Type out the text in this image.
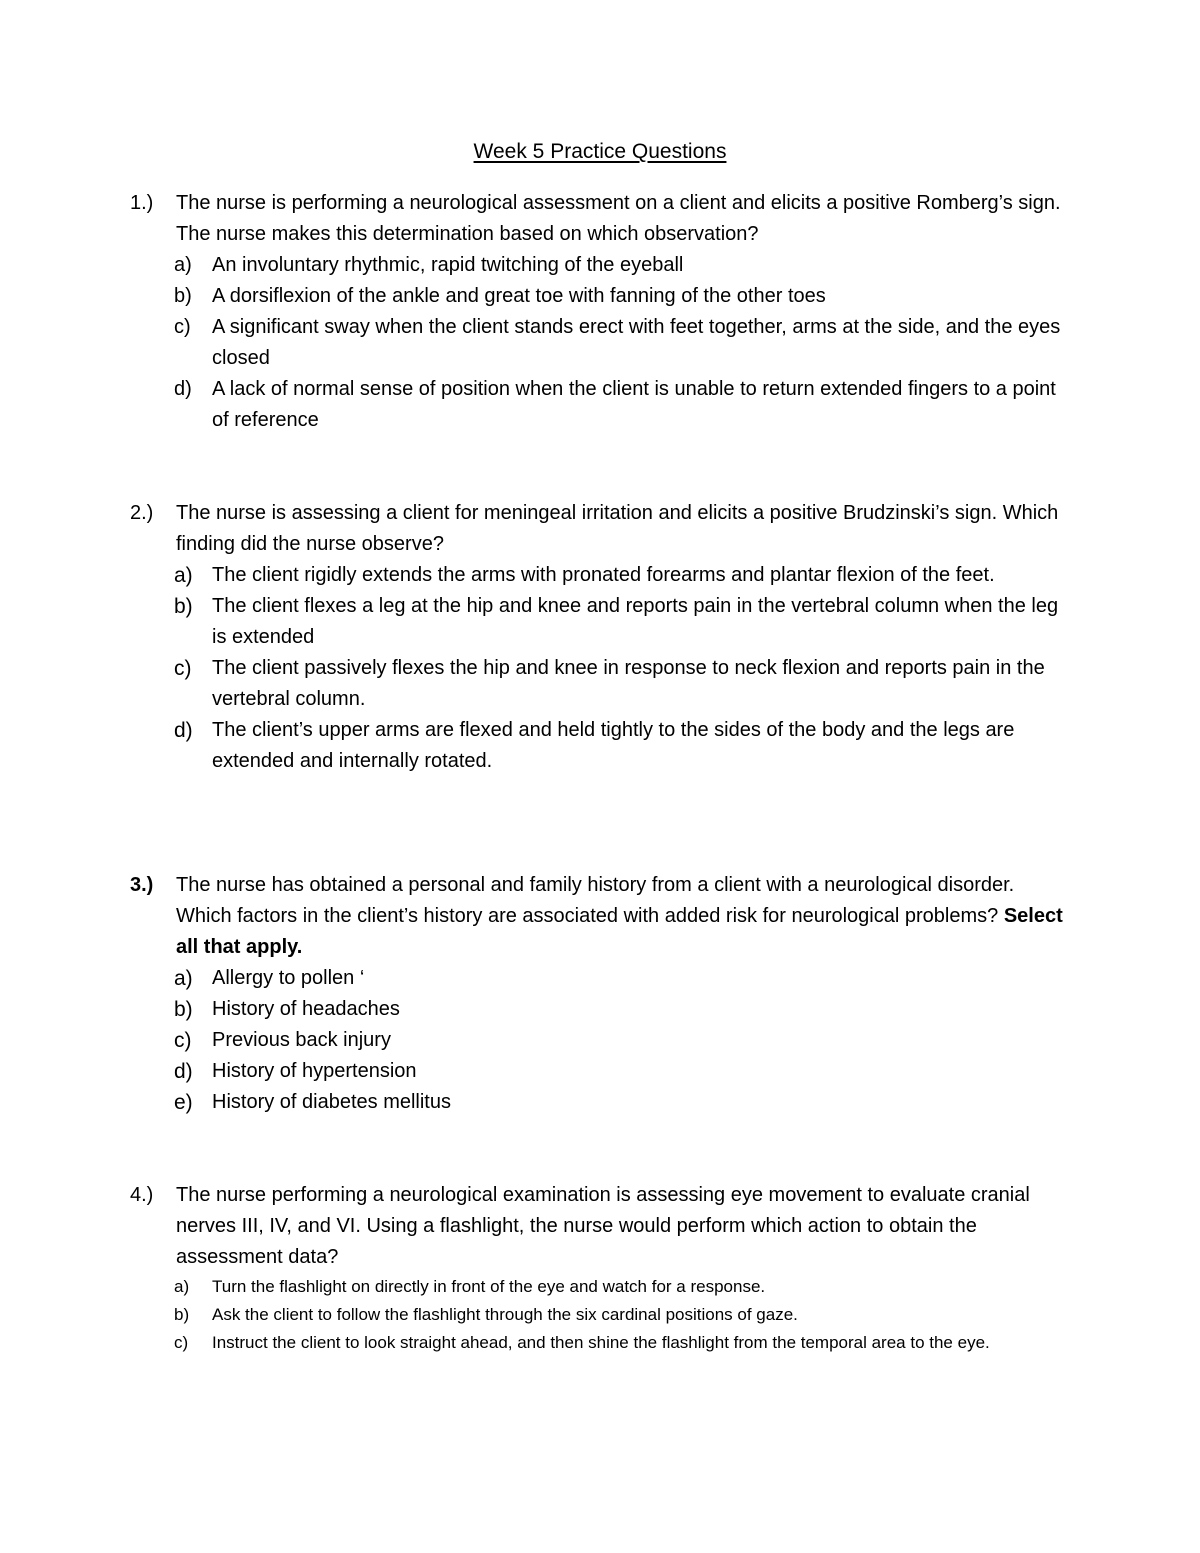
Week 5 Practice Questions
1.) The nurse is performing a neurological assessment on a client and elicits a positive Romberg’s sign. The nurse makes this determination based on which observation?
a) An involuntary rhythmic, rapid twitching of the eyeball
b) A dorsiflexion of the ankle and great toe with fanning of the other toes
c) A significant sway when the client stands erect with feet together, arms at the side, and the eyes closed
d) A lack of normal sense of position when the client is unable to return extended fingers to a point of reference
2.) The nurse is assessing a client for meningeal irritation and elicits a positive Brudzinski’s sign. Which finding did the nurse observe?
a) The client rigidly extends the arms with pronated forearms and plantar flexion of the feet.
b) The client flexes a leg at the hip and knee and reports pain in the vertebral column when the leg is extended
c) The client passively flexes the hip and knee in response to neck flexion and reports pain in the vertebral column.
d) The client’s upper arms are flexed and held tightly to the sides of the body and the legs are extended and internally rotated.
3.) The nurse has obtained a personal and family history from a client with a neurological disorder. Which factors in the client’s history are associated with added risk for neurological problems? Select all that apply.
a) Allergy to pollen ‘
b) History of headaches
c) Previous back injury
d) History of hypertension
e) History of diabetes mellitus
4.) The nurse performing a neurological examination is assessing eye movement to evaluate cranial nerves III, IV, and VI. Using a flashlight, the nurse would perform which action to obtain the assessment data?
a) Turn the flashlight on directly in front of the eye and watch for a response.
b) Ask the client to follow the flashlight through the six cardinal positions of gaze.
c) Instruct the client to look straight ahead, and then shine the flashlight from the temporal area to the eye.
